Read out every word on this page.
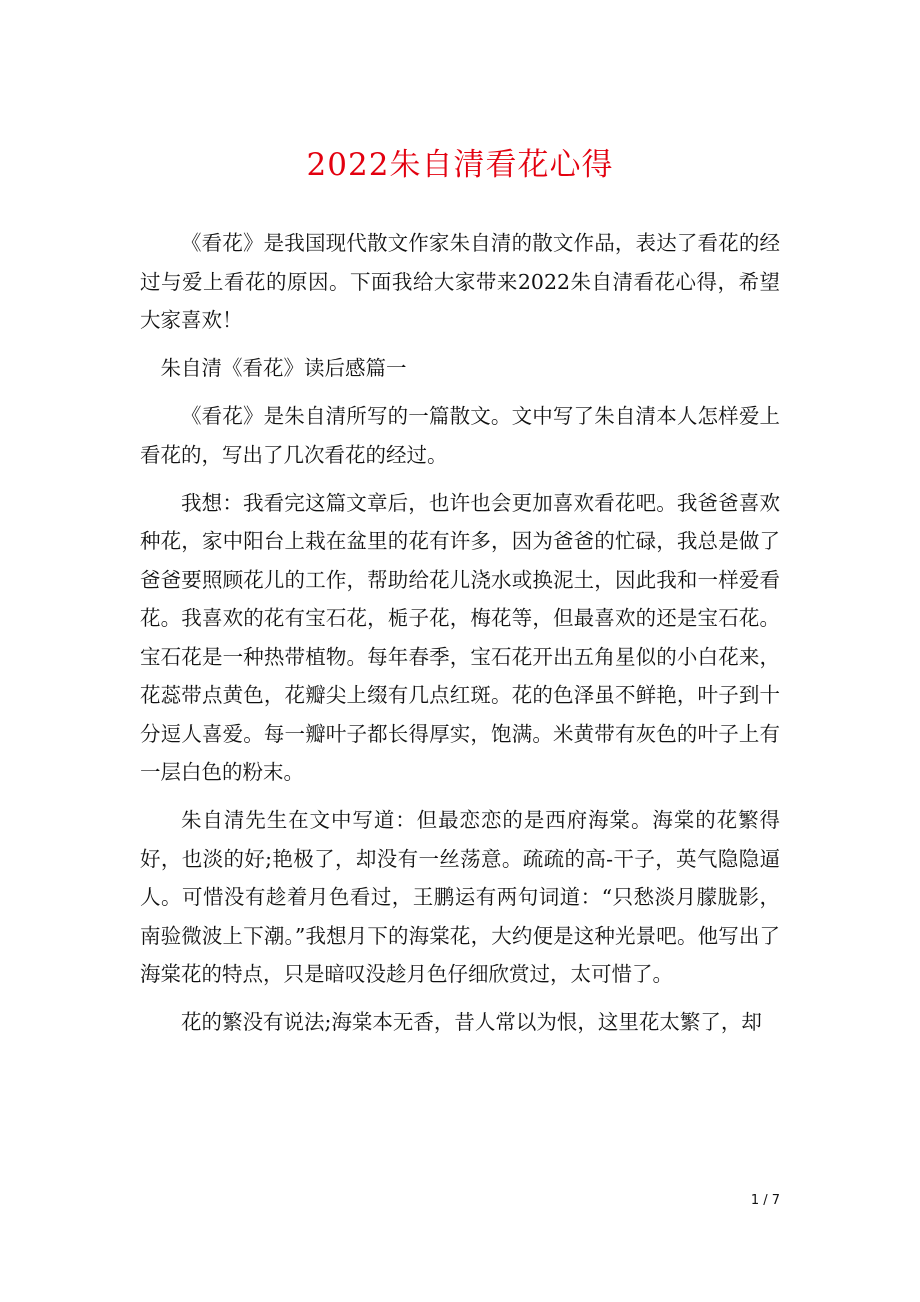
2022朱自清看花心得

《看花》是我国现代散文作家朱自清的散文作品，表达了看花的经过与爱上看花的原因。下面我给大家带来2022朱自清看花心得，希望大家喜欢！

朱自清《看花》读后感篇一

《看花》是朱自清所写的一篇散文。文中写了朱自清本人怎样爱上看花的，写出了几次看花的经过。

我想：我看完这篇文章后，也许也会更加喜欢看花吧。我爸爸喜欢种花，家中阳台上栽在盆里的花有许多，因为爸爸的忙碌，我总是做了爸爸要照顾花儿的工作，帮助给花儿浇水或换泥土，因此我和一样爱看花。我喜欢的花有宝石花，栀子花，梅花等，但最喜欢的还是宝石花。宝石花是一种热带植物。每年春季，宝石花开出五角星似的小白花来，花蕊带点黄色，花瓣尖上缀有几点红斑。花的色泽虽不鲜艳，叶子到十分逗人喜爱。每一瓣叶子都长得厚实，饱满。米黄带有灰色的叶子上有一层白色的粉末。

朱自清先生在文中写道：但最恋恋的是西府海棠。海棠的花繁得好，也淡的好;艳极了，却没有一丝荡意。疏疏的高-干子，英气隐隐逼人。可惜没有趁着月色看过，王鹏运有两句词道：“只愁淡月朦胧影，南验微波上下潮。”我想月下的海棠花，大约便是这种光景吧。他写出了海棠花的特点，只是暗叹没趁月色仔细欣赏过，太可惜了。

花的繁没有说法;海棠本无香，昔人常以为恨，这里花太繁了，却

1 / 7
